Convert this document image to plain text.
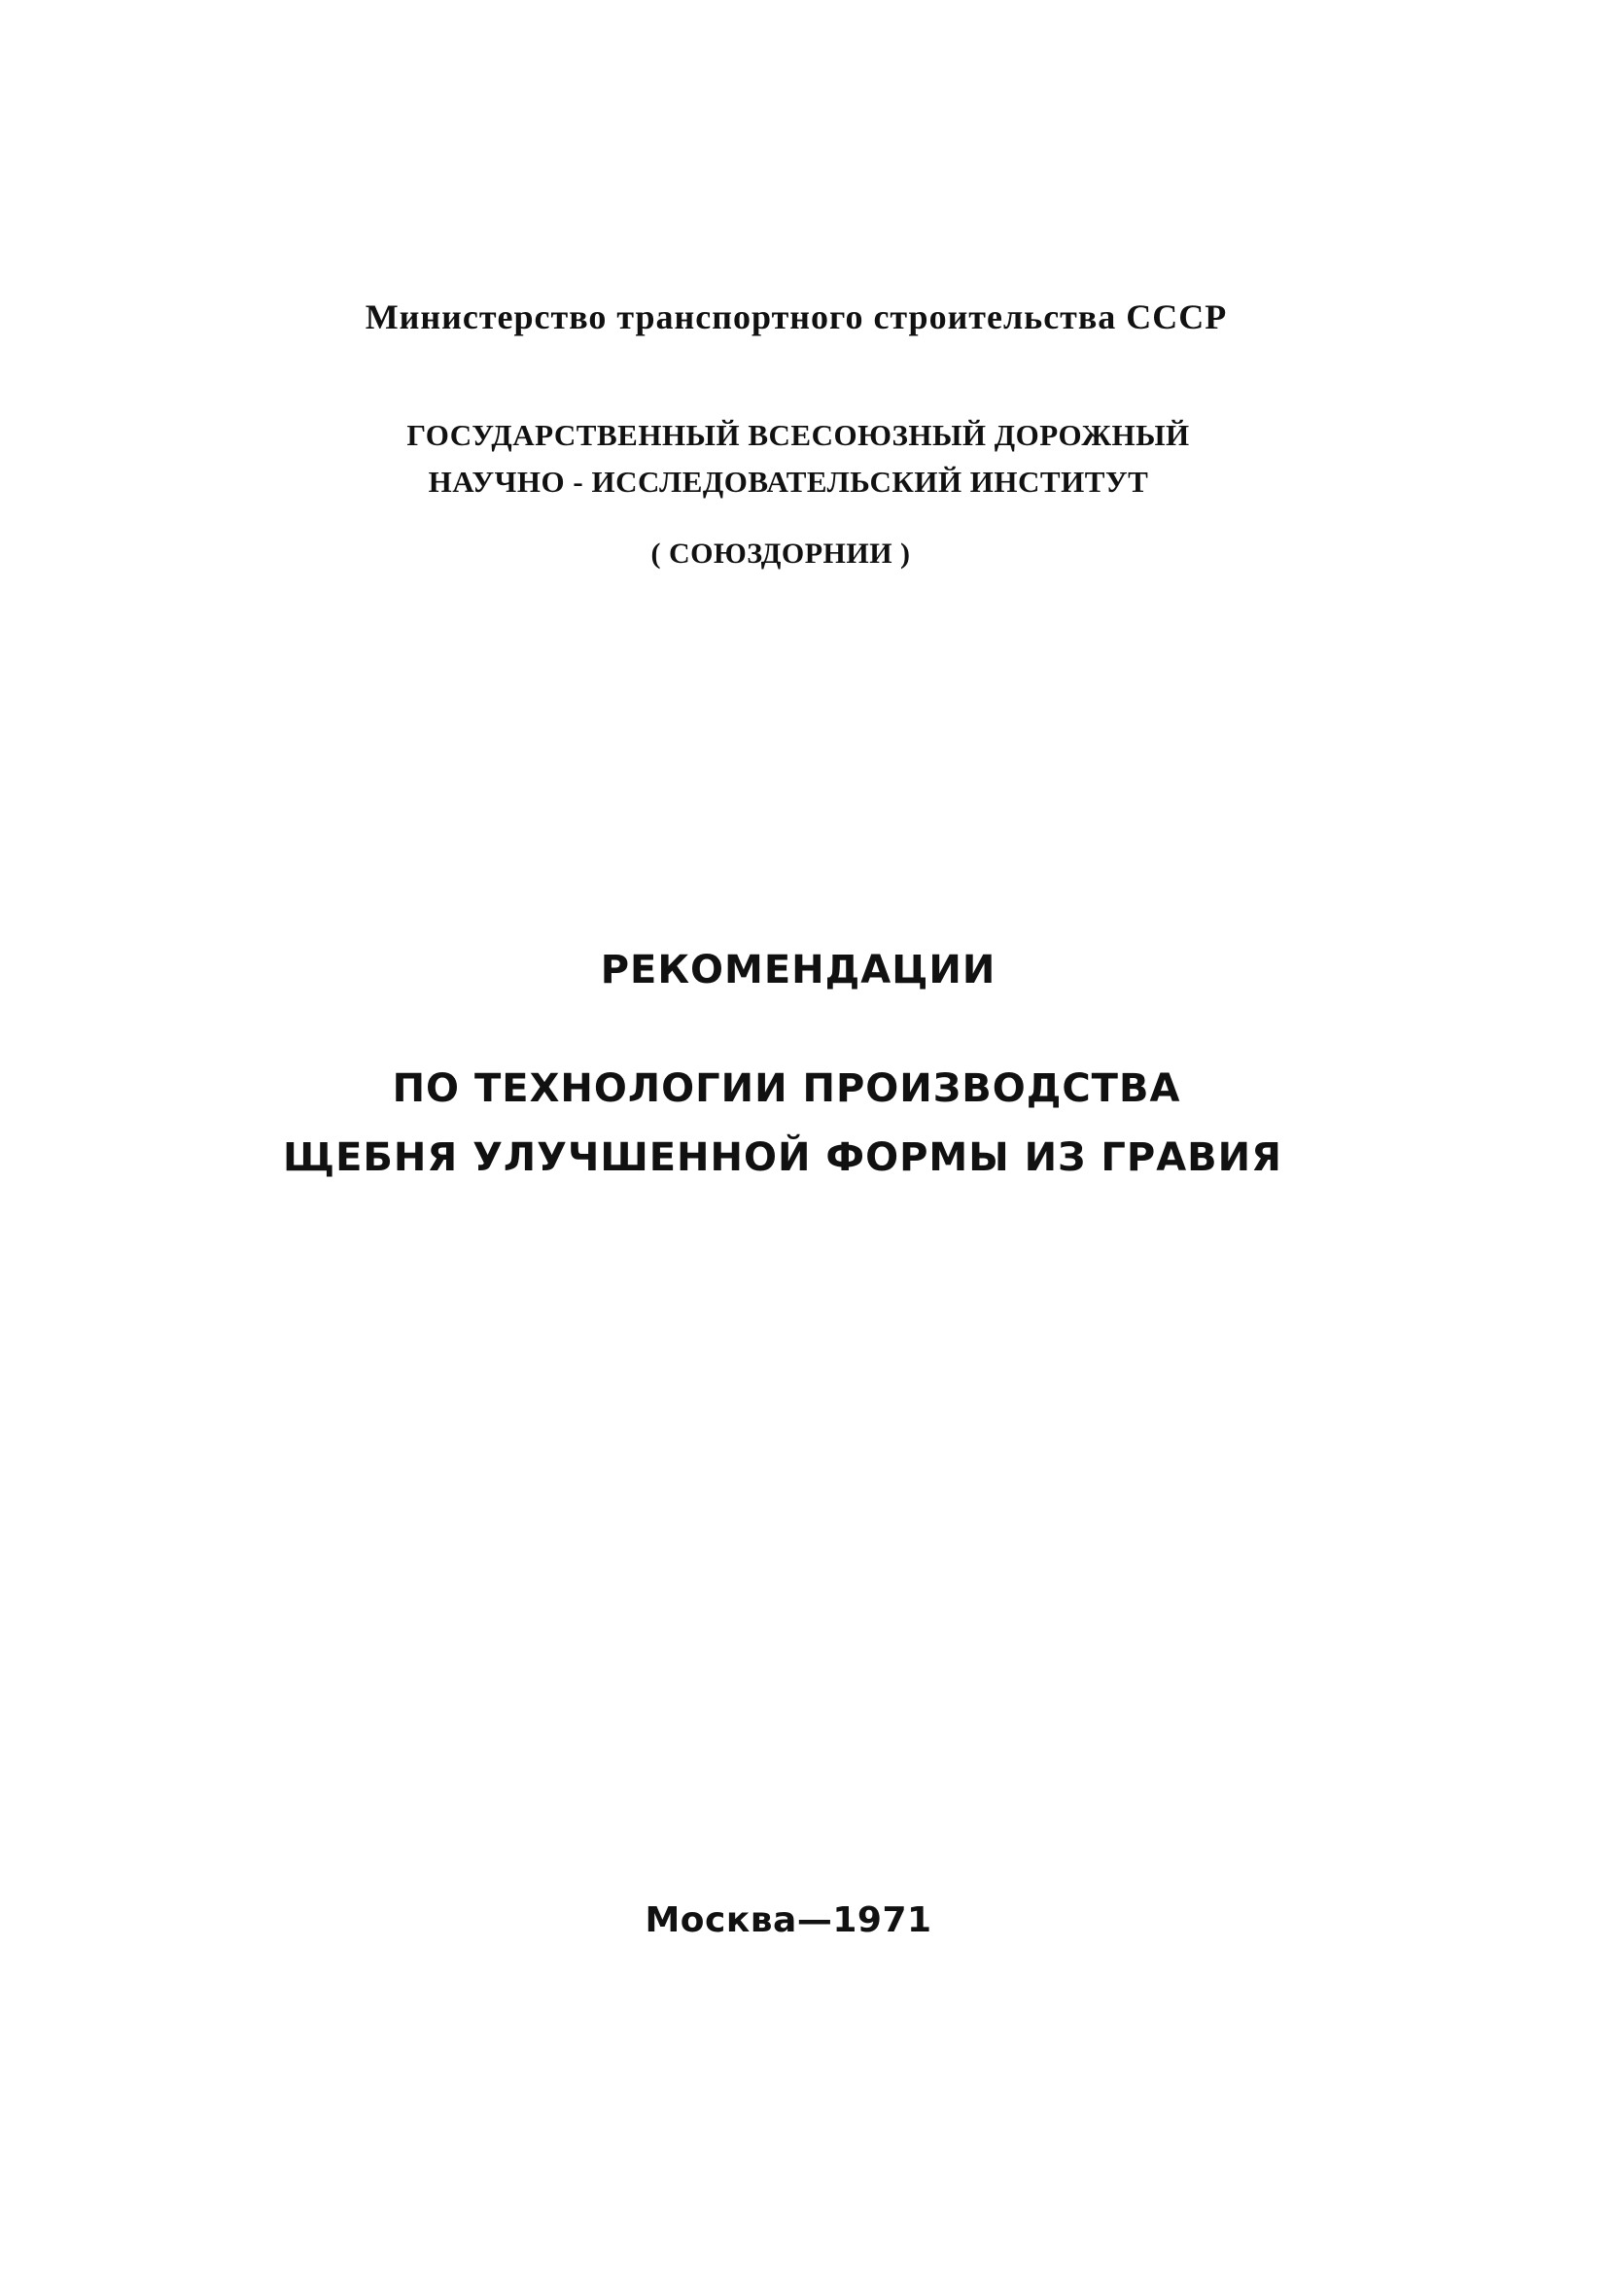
Министерство транспортного строительства СССР
ГОСУДАРСТВЕННЫЙ ВСЕСОЮЗНЫЙ ДОРОЖНЫЙ
НАУЧНО - ИССЛЕДОВАТЕЛЬСКИЙ ИНСТИТУТ
( СОЮЗДОРНИИ )
РЕКОМЕНДАЦИИ
ПО ТЕХНОЛОГИИ ПРОИЗВОДСТВА
ЩЕБНЯ УЛУЧШЕННОЙ ФОРМЫ ИЗ ГРАВИЯ
Москва—1971
